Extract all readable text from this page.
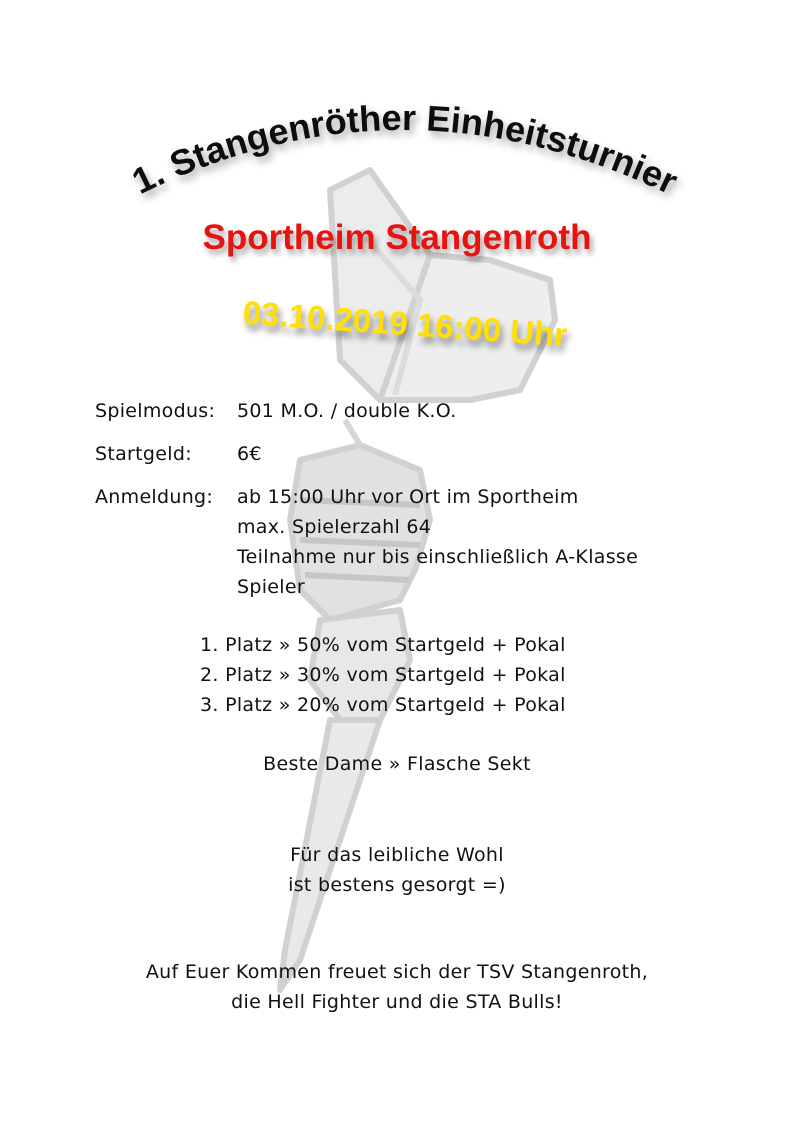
1. Stangenröther Einheitsturnier
Sportheim Stangenroth
03.10.2019 16:00 Uhr
Spielmodus: 501 M.O. / double K.O.
Startgeld: 6€
Anmeldung: ab 15:00 Uhr vor Ort im Sportheim
max. Spielerzahl 64
Teilnahme nur bis einschließlich A-Klasse
Spieler
1. Platz » 50% vom Startgeld + Pokal
2. Platz » 30% vom Startgeld + Pokal
3. Platz » 20% vom Startgeld + Pokal
Beste Dame » Flasche Sekt
Für das leibliche Wohl
ist bestens gesorgt =)
Auf Euer Kommen freuet sich der TSV Stangenroth,
die Hell Fighter und die STA Bulls!
